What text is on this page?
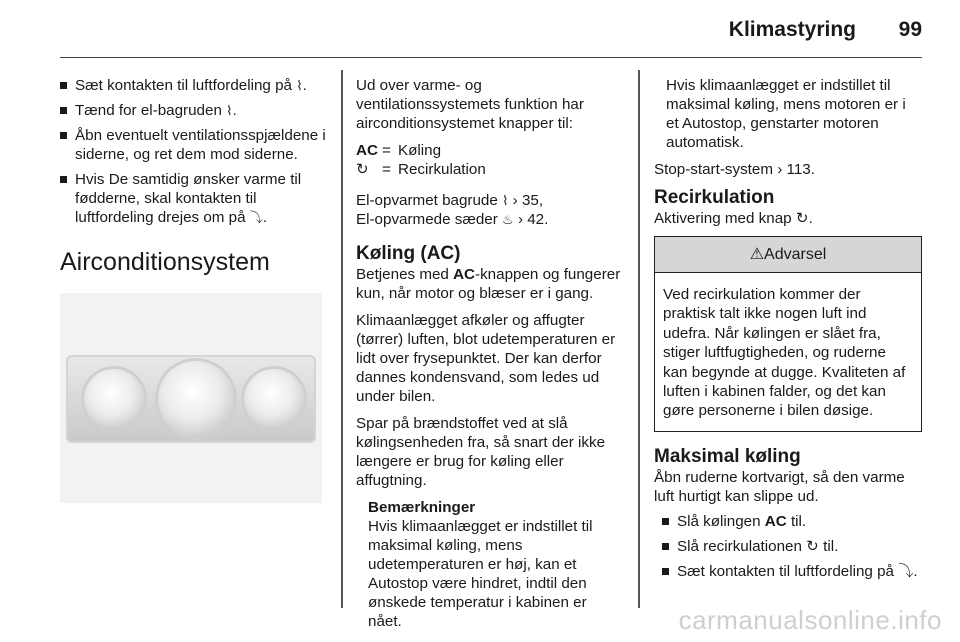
Klimastyring 99
Sæt kontakten til luftfordeling på ⌇.
Tænd for el-bagruden ⌇.
Åbn eventuelt ventilationsspjældene i siderne, og ret dem mod siderne.
Hvis De samtidig ønsker varme til fødderne, skal kontakten til luftfordeling drejes om på ⤵.
Airconditionsystem

Ud over varme- og ventilationssystemets funktion har airconditionsystemet knapper til:

AC = Køling
↻ = Recirkulation
El-opvarmet bagrude ⌇ › 35,
El-opvarmede sæder ♨ › 42.
Køling (AC)

Betjenes med AC-knappen og fungerer kun, når motor og blæser er i gang.

Klimaanlægget afkøler og affugter (tørrer) luften, blot udetemperaturen er lidt over frysepunktet. Der kan derfor dannes kondensvand, som ledes ud under bilen.

Spar på brændstoffet ved at slå kølingsenheden fra, så snart der ikke længere er brug for køling eller affugtning.

Bemærkninger
Hvis klimaanlægget er indstillet til maksimal køling, mens udetemperaturen er høj, kan et Autostop være hindret, indtil den ønskede temperatur i kabinen er nået.

Hvis klimaanlægget er indstillet til maksimal køling, mens motoren er i et Autostop, genstarter motoren automatisk.

Stop-start-system › 113.

Recirkulation
Aktivering med knap ↻.
⚠Advarsel
Ved recirkulation kommer der praktisk talt ikke nogen luft ind udefra. Når kølingen er slået fra, stiger luftfugtigheden, og ruderne kan begynde at dugge. Kvaliteten af luften i kabinen falder, og det kan gøre personerne i bilen døsige.
Maksimal køling

Åbn ruderne kortvarigt, så den varme luft hurtigt kan slippe ud.

Slå kølingen AC til.
Slå recirkulationen ↻ til.
Sæt kontakten til luftfordeling på ⤵.
carmanualsonline.info
